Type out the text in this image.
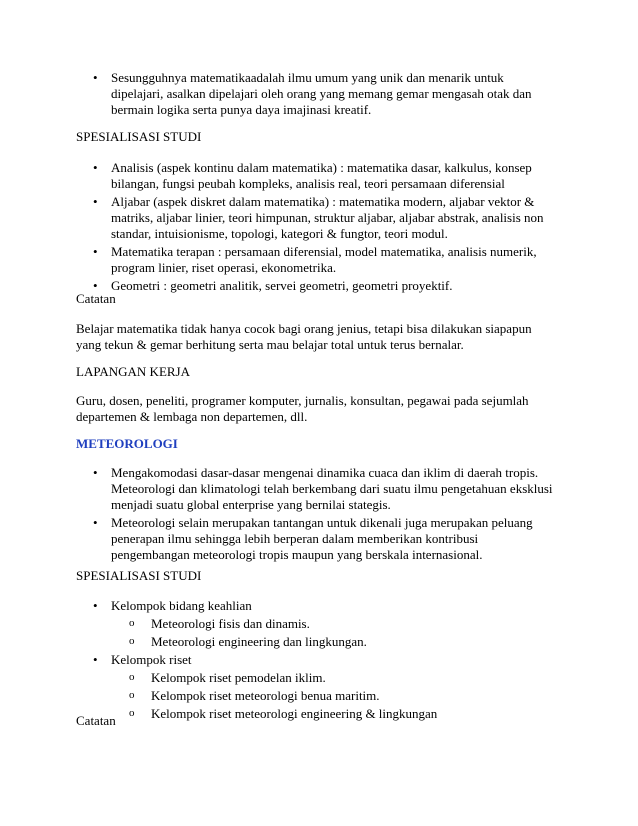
• Sesungguhnya matematikaadalah ilmu umum yang unik dan menarik untuk dipelajari, asalkan dipelajari oleh orang yang memang gemar mengasah otak dan bermain logika serta punya daya imajinasi kreatif.
SPESIALISASI STUDI
• Analisis (aspek kontinu dalam matematika) : matematika dasar, kalkulus, konsep bilangan, fungsi peubah kompleks, analisis real, teori persamaan diferensial
• Aljabar (aspek diskret dalam matematika) : matematika modern, aljabar vektor & matriks, aljabar linier, teori himpunan, struktur aljabar, aljabar abstrak, analisis non standar, intuisionisme, topologi, kategori & fungtor, teori modul.
• Matematika terapan : persamaan diferensial, model matematika, analisis numerik, program linier, riset operasi, ekonometrika.
• Geometri : geometri analitik, servei geometri, geometri proyektif.
Catatan

Belajar matematika tidak hanya cocok bagi orang jenius, tetapi bisa dilakukan siapapun yang tekun & gemar berhitung serta mau belajar total untuk terus bernalar.

LAPANGAN KERJA

Guru, dosen, peneliti, programer komputer, jurnalis, konsultan, pegawai pada sejumlah departemen & lembaga non departemen, dll.

METEOROLOGI
• Mengakomodasi dasar-dasar mengenai dinamika cuaca dan iklim di daerah tropis. Meteorologi dan klimatologi telah berkembang dari suatu ilmu pengetahuan eksklusi menjadi suatu global enterprise yang bernilai stategis.
• Meteorologi selain merupakan tantangan untuk dikenali juga merupakan peluang penerapan ilmu sehingga lebih berperan dalam memberikan kontribusi pengembangan meteorologi tropis maupun yang berskala internasional.
SPESIALISASI STUDI
• Kelompok bidang keahlian
o Meteorologi fisis dan dinamis.
o Meteorologi engineering dan lingkungan.
• Kelompok riset
o Kelompok riset pemodelan iklim.
o Kelompok riset meteorologi benua maritim.
o Kelompok riset meteorologi engineering & lingkungan
Catatan
